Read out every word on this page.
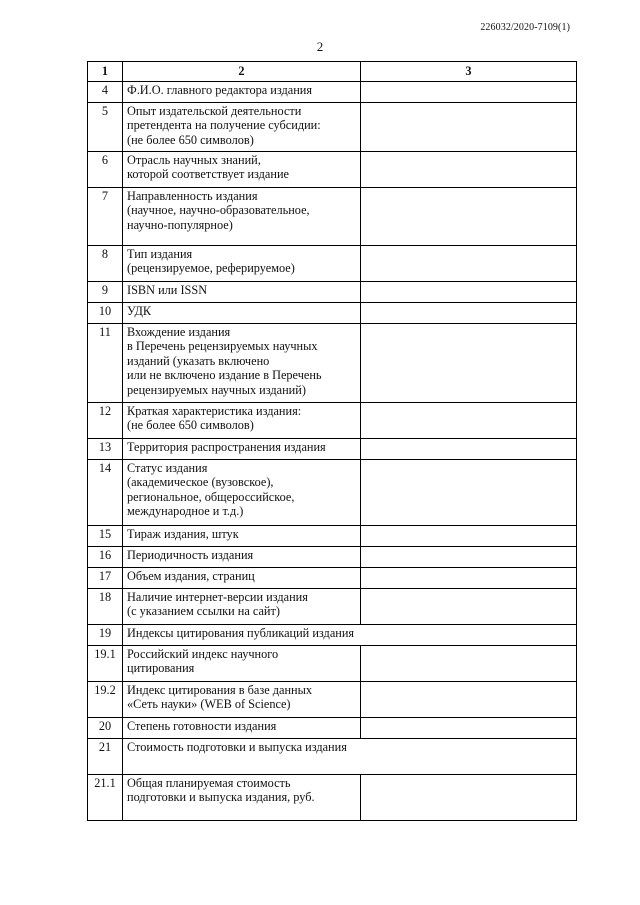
226032/2020-7109(1)
2
1	2	3
4	Ф.И.О. главного редактора издания	
5	Опыт издательской деятельности
претендента на получение субсидии:
(не более 650 символов)	
6	Отрасль научных знаний,
которой соответствует издание	
7	Направленность издания
(научное, научно-образовательное,
научно-популярное)	
8	Тип издания
(рецензируемое, реферируемое)	
9	ISBN или ISSN	
10	УДК	
11	Вхождение издания
в Перечень рецензируемых научных
изданий (указать включено
или не включено издание в Перечень
рецензируемых научных изданий)	
12	Краткая характеристика издания:
(не более 650 символов)	
13	Территория распространения издания	
14	Статус издания
(академическое (вузовское),
региональное, общероссийское,
международное и т.д.)	
15	Тираж издания, штук	
16	Периодичность издания	
17	Объем издания, страниц	
18	Наличие интернет-версии издания
(с указанием ссылки на сайт)	
19	Индексы цитирования публикаций издания	
19.1	Российский индекс научного
цитирования	
19.2	Индекс цитирования в базе данных
«Сеть науки» (WEB of Science)	
20	Степень готовности издания	
21	Стоимость подготовки и выпуска издания	
21.1	Общая планируемая стоимость
подготовки и выпуска издания, руб.	
